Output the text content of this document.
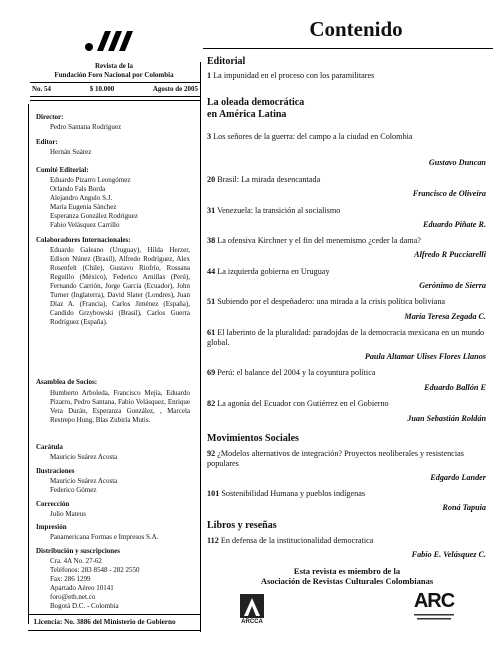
Revista de la
Fundación Foro Nacional por Colombia
No. 54	$ 10.000	Agosto de 2005
Director:
Pedro Santana Rodríguez
Editor:
Hernán Suárez
Comité Editorial:
Eduardo Pizarro Leongómez
Orlando Fals Borda
Alejandro Angulo S.J.
María Eugenia Sánchez
Esperanza González Rodríguez
Fabio Velásquez Carrillo
Colaboradores Internacionales:
Eduardo Galeano (Uruguay), Hilda Herzer, Edison Núnez (Brasil), Alfredo Rodríguez, Alex Rosenfelt (Chile), Gustavo Riofrío, Rossana Reguillo (México), Federico Arnillas (Perú), Fernando Carrión, Jorge García (Ecuador), John Turner (Inglaterra), David Slater (Londres), Juan Díaz A. (Francia), Carlos Jiménez (España), Candido Grzybowski (Brasil), Carlos Guerra Rodríguez (España).
Asamblea de Socios:
Humberto Arboleda, Francisco Mejía, Eduardo Pizarro, Pedro Santana, Fabio Velásquez, Enrique Vera Durán, Esperanza González, , Marcela Restrepo Hung, Blas Zubiría Mutis.
Carátula
Mauricio Suárez Acosta
Ilustraciones
Mauricio Suárez Acosta
Federico Gómez
Corrección
Julio Mateus
Impresión
Panamericana Formas e Impresos S.A.
Distribución y suscripciones
Cra. 4A No. 27-62
Teléfonos: 283 8548 - 282 2550
Fax: 286 1299
Apartado Aéreo 10141
foro@etb.net.co
Bogotá D.C. - Colombia
Licencia: No. 3886 del Ministerio de Gobierno
Contenido
Editorial
1 La impunidad en el proceso con los paramilitares
La oleada democrática
en América Latina
3 Los señores de la guerra: del campo a la ciudad en Colombia
Gustavo Duncan
20 Brasil: La mirada desencantada
Francisco de Oliveira
31 Venezuela: la transición al socialismo
Eduardo Piñate R.
38 La ofensiva Kirchner y el fin del menemismo ¿ceder la dama?
Alfredo R Pucciarelli
44 La izquierda gobierna en Uruguay
Gerónimo de Sierra
51 Subiendo por el despeñadero: una mirada a la crisis política boliviana
María Teresa Zegada C.
61 El laberinto de la pluralidad: paradojdas de la democracia mexicana en un mundo global.
Paula Altamar Ulises Flores Llanos
69 Perú: el balance del 2004 y la coyuntura política
Eduardo Ballón E
82 La agonía del Ecuador con Gutiérrez en el Gobierno
Juan Sebastián Roldán
Movimientos Sociales
92 ¿Modelos alternativos de integración? Proyectos neoliberales y resistencias populares
Edgardo Lander
101 Sostenibilidad Humana y pueblos indígenas
Roná Tapuia
Libros y reseñas
112 En defensa de la institucionalidad democratica
Fabio E. Velásquez C.
Esta revista es miembro de la
Asociación de Revistas Culturales Colombianas
ARCCA
ARC
